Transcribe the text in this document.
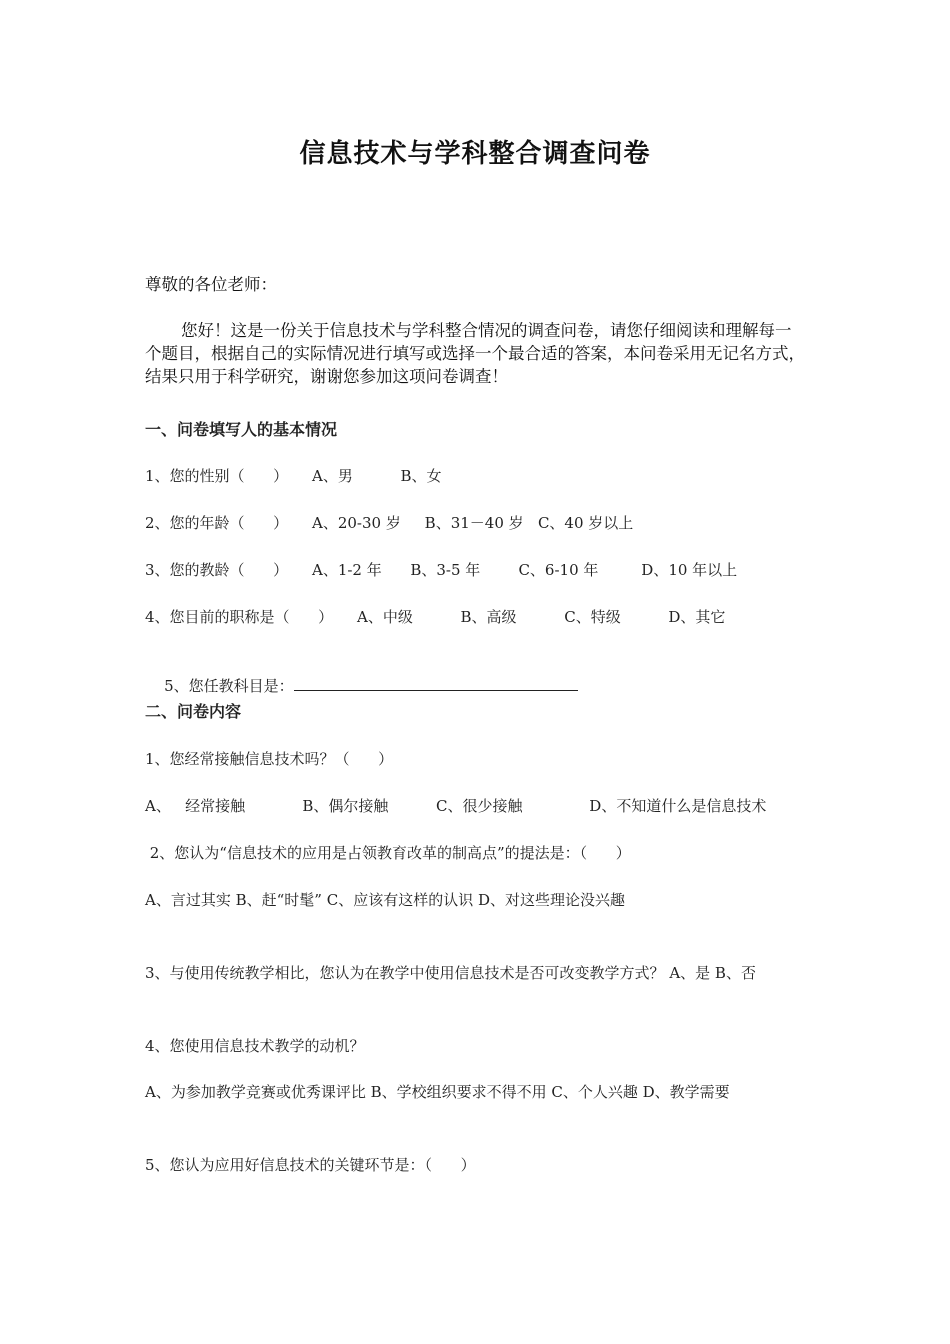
信息技术与学科整合调查问卷
尊敬的各位老师：
您好！这是一份关于信息技术与学科整合情况的调查问卷，请您仔细阅读和理解每一个题目，根据自己的实际情况进行填写或选择一个最合适的答案，本问卷采用无记名方式，结果只用于科学研究，谢谢您参加这项问卷调查！
一、问卷填写人的基本情况
1、您的性别（      ）     A、男          B、女
2、您的年龄（      ）     A、20-30 岁     B、31－40 岁   C、40 岁以上
3、您的教龄（      ）     A、1-2 年      B、3-5 年        C、6-10 年         D、10 年以上
4、您目前的职称是（      ）     A、中级          B、高级          C、特级          D、其它

5、您任教科目是：

二、问卷内容
1、您经常接触信息技术吗？（      ）
A、   经常接触            B、偶尔接触          C、很少接触              D、不知道什么是信息技术
2、您认为“信息技术的应用是占领教育改革的制高点”的提法是：（      ）
A、言过其实 B、赶“时髦” C、应该有这样的认识 D、对这些理论没兴趣
3、与使用传统教学相比，您认为在教学中使用信息技术是否可改变教学方式？ A、是 B、否
4、您使用信息技术教学的动机？
A、为参加教学竞赛或优秀课评比 B、学校组织要求不得不用 C、个人兴趣 D、教学需要
5、您认为应用好信息技术的关键环节是：（      ）
